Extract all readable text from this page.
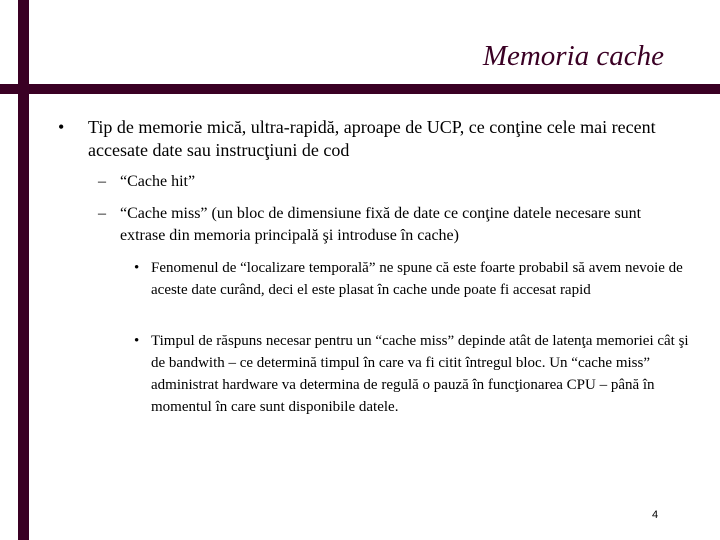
Memoria cache
• Tip de memorie mică, ultra-rapidă, aproape de UCP, ce conţine cele mai recent accesate date sau instrucţiuni de cod
– “Cache hit”
– “Cache miss” (un bloc de dimensiune fixă de date ce conţine datele necesare sunt extrase din memoria principală şi introduse în cache)
• Fenomenul de “localizare temporală” ne spune că este foarte probabil să avem nevoie de aceste date curând, deci el este plasat în cache unde poate fi accesat rapid
• Timpul de răspuns necesar pentru un “cache miss” depinde atât de latenţa memoriei cât şi de bandwith – ce determină timpul în care va fi citit întregul bloc. Un “cache miss” administrat hardware va determina de regulă o pauză în funcţionarea CPU – până în momentul în care sunt disponibile datele.
4
